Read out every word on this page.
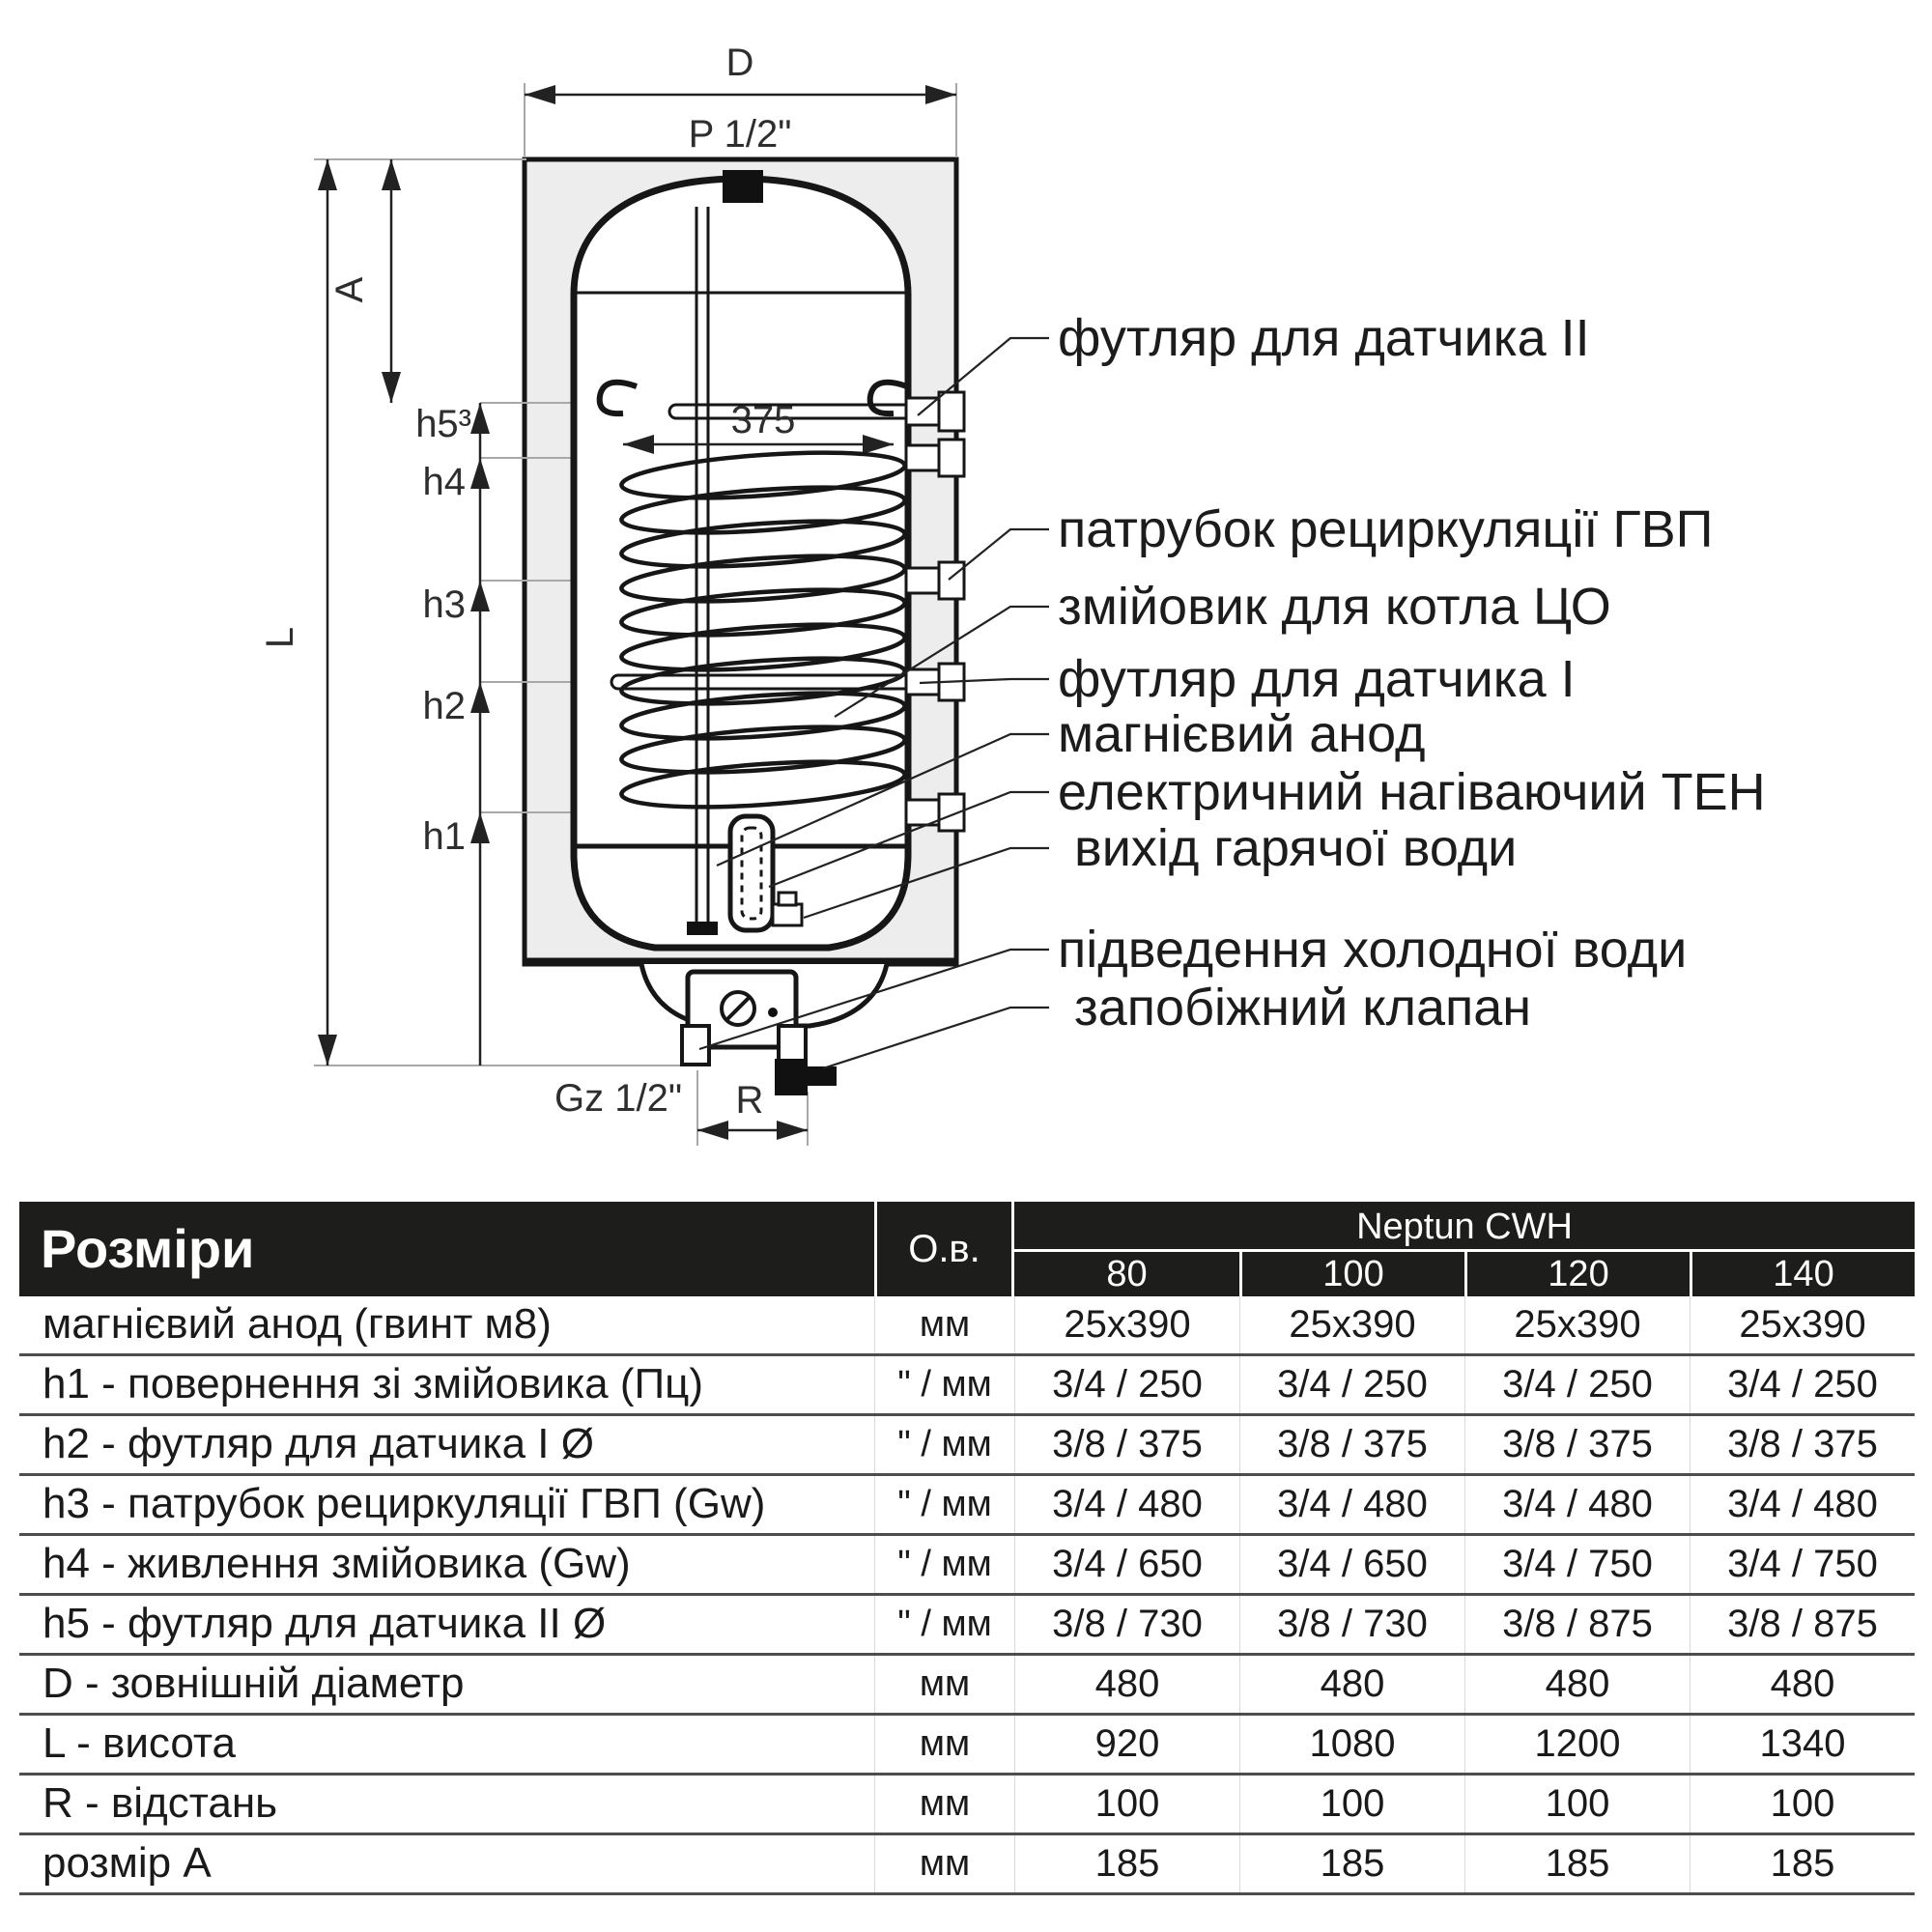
D
P 1/2"
A
L
h5³
h4
h3
h2
h1
375
Gz 1/2" R
футляр для датчика II
патрубок рециркуляції ГВП
змійовик для котла ЦО
футляр для датчика I
магнієвий анод
електричний нагіваючий ТЕН
вихід гарячої води
підведення холодної води
запобіжний клапан
Розміри	О.в.
Neptun CWH
80	100	120	140
магнієвий анод (гвинт м8)	мм	25x390	25x390	25x390	25x390
h1 - повернення зі змійовика (Пц)	" / мм	3/4 / 250	3/4 / 250	3/4 / 250	3/4 / 250
h2 - футляр для датчика I Ø	" / мм	3/8 / 375	3/8 / 375	3/8 / 375	3/8 / 375
h3 - патрубок рециркуляції ГВП (Gw)	" / мм	3/4 / 480	3/4 / 480	3/4 / 480	3/4 / 480
h4 - живлення змійовика (Gw)	" / мм	3/4 / 650	3/4 / 650	3/4 / 750	3/4 / 750
h5 - футляр для датчика II Ø	" / мм	3/8 / 730	3/8 / 730	3/8 / 875	3/8 / 875
D - зовнішній діаметр	мм	480	480	480	480
L - висота	мм	920	1080	1200	1340
R - відстань	мм	100	100	100	100
розмір А	мм	185	185	185	185
